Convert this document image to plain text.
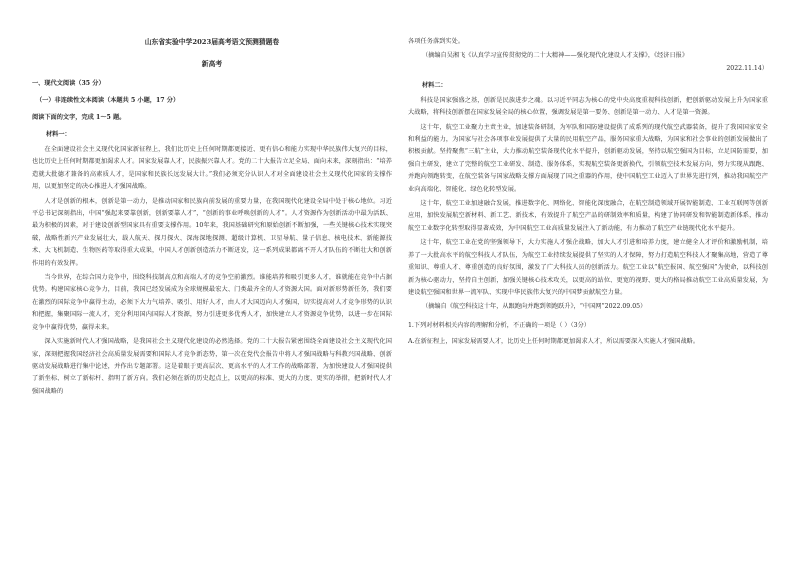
山东省实验中学2023届高考语文预测猜题卷
新高考
一、现代文阅读（35 分）
（一）非连续性文本阅读（本题共 5 小题，17 分）
阅读下面的文字，完成 1～5 题。
材料一：

在全面建设社会主义现代化国家新征程上，我们比历史上任何时期都更接近、更有信心和能力实现中华民族伟大复兴的目标，也比历史上任何时期都更加渴求人才。国家发展靠人才，民族振兴靠人才。党的二十大报告立足全局、面向未来，深刻指出：“培养造就大批德才兼备的高素质人才，是国家和民族长远发展大计。”我们必须充分认识人才对全面建设社会主义现代化国家的支撑作用，以更加坚定的决心推进人才强国战略。

人才是创新的根本，创新是第一动力，是推动国家和民族向前发展的重要力量，在我国现代化建设全局中处于核心地位。习近平总书记深刻指出，中国“强起来要靠创新，创新要靠人才”，“创新的事业呼唤创新的人才”。人才资源作为创新活动中最为活跃、最为积极的因素，对于建设创新型国家具有重要支撑作用。10年来，我国基础研究和原始创新不断加强，一些关键核心技术实现突破，战略性新兴产业发展壮大，载人航天、探月探火、深海深地探测、超级计算机、卫星导航、量子信息、核电技术、新能源技术、大飞机制造、生物医药等取得重大成果，中国人才创新创造活力不断迸发，这一系列成果都离不开人才队伍的不断壮大和创新作用的有效发挥。

当今世界，在综合国力竞争中，围绕科技制高点和高端人才的竞争空前激烈。谁能培养和吸引更多人才，谁就能在竞争中占据优势。构建国家核心竞争力，目前，我国已经发展成为全球规模最宏大、门类最齐全的人才资源大国。面对新形势新任务，我们要在激烈的国际竞争中赢得主动，必须下大力气培养、吸引、用好人才，由人才大国迈向人才强国，切实提高对人才竞争形势的认识和把握，集聚国际一流人才，充分利用国内国际人才资源，努力引进更多优秀人才，加快建立人才资源竞争优势，以进一步在国际竞争中赢得优势，赢得未来。

深入实施新时代人才强国战略，是我国社会主义现代化建设的必然选择。党的二十大报告紧密围绕全面建设社会主义现代化国家，深刻把握我国经济社会高质量发展需要和国际人才竞争新态势，第一次在党代会报告中将人才强国战略与科教兴国战略、创新驱动发展战略进行集中论述，并作出专题部署。这是着眼于更高层次、更高水平的人才工作的战略部署，为加快建设人才强国提供了新坐标、树立了新标杆、指明了新方向。我们必须在新的历史起点上，以更高的标准、更大的力度、更实的举措，把新时代人才强国战略的

各项任务落到实处。

（摘编自吴湘飞《认真学习宣传贯彻党的二十大精神——强化现代化建设人才支撑》，《经济日报》

2022.11.14）
材料二：

科技是国家强盛之基，创新是民族进步之魂。以习近平同志为核心的党中央高度重视科技创新，把创新驱动发展上升为国家重大战略，将科技创新摆在国家发展全局的核心位置，强调发展是第一要务、创新是第一动力、人才是第一资源。

这十年，航空工业聚力主责主业，加速装备研制，为军队和国防建设提供了成系列的现代航空武器装备，提升了我国国家安全和利益的能力，为国家与社会各项事业发展提供了大量的民用航空产品，服务国家重大战略，为国家和社会事业的创新发展做出了积极贡献。坚持聚焦“三航”主业，大力推动航空装备现代化水平提升，创新驱动发展，坚持以航空强国为目标，立足国防需要，加强自主研发，建立了完整的航空工业研发、制造、服务体系，实现航空装备更新换代，引领航空技术发展方向，努力实现从跟跑、并跑向领跑转变，在航空装备与国家战略支撑方面展现了国之重器的作用，使中国航空工业迈入了世界先进行列，推动我国航空产业向高端化、智能化、绿色化转型发展。

这十年，航空工业加速融合发展，推进数字化、网络化、智能化深度融合，在航空制造领域开展智能制造、工业互联网等创新应用，加快发展航空新材料、新工艺、新技术，有效提升了航空产品的研制效率和质量，构建了协同研发和智能制造新体系，推动航空工业数字化转型取得显著成效，为中国航空工业高质量发展注入了新动能，有力推动了航空产业链现代化水平提升。

这十年，航空工业在党的坚强领导下，大力实施人才强企战略，加大人才引进和培养力度，建立健全人才评价和激励机制，培养了一大批高水平的航空科技人才队伍，为航空工业持续发展提供了坚实的人才保障，努力打造航空科技人才聚集高地，营造了尊重知识、尊重人才、尊重创造的良好氛围，激发了广大科技人员的创新活力。航空工业以“航空报国、航空强国”为使命，以科技创新为核心驱动力，坚持自主创新，加强关键核心技术攻关，以更高的站位、更宽的视野、更大的格局推动航空工业高质量发展，为建设航空强国和世界一流军队、实现中华民族伟大复兴的中国梦贡献航空力量。

（摘编自《航空科技这十年，从跟跑向并跑到领跑跃升》，“中国网”2022.09.05）

1.下列对材料相关内容的理解和分析，不正确的一项是（ ）（3分）
A.在新征程上，国家发展需要人才，比历史上任何时期都更加渴求人才，所以需要深入实施人才强国战略。
